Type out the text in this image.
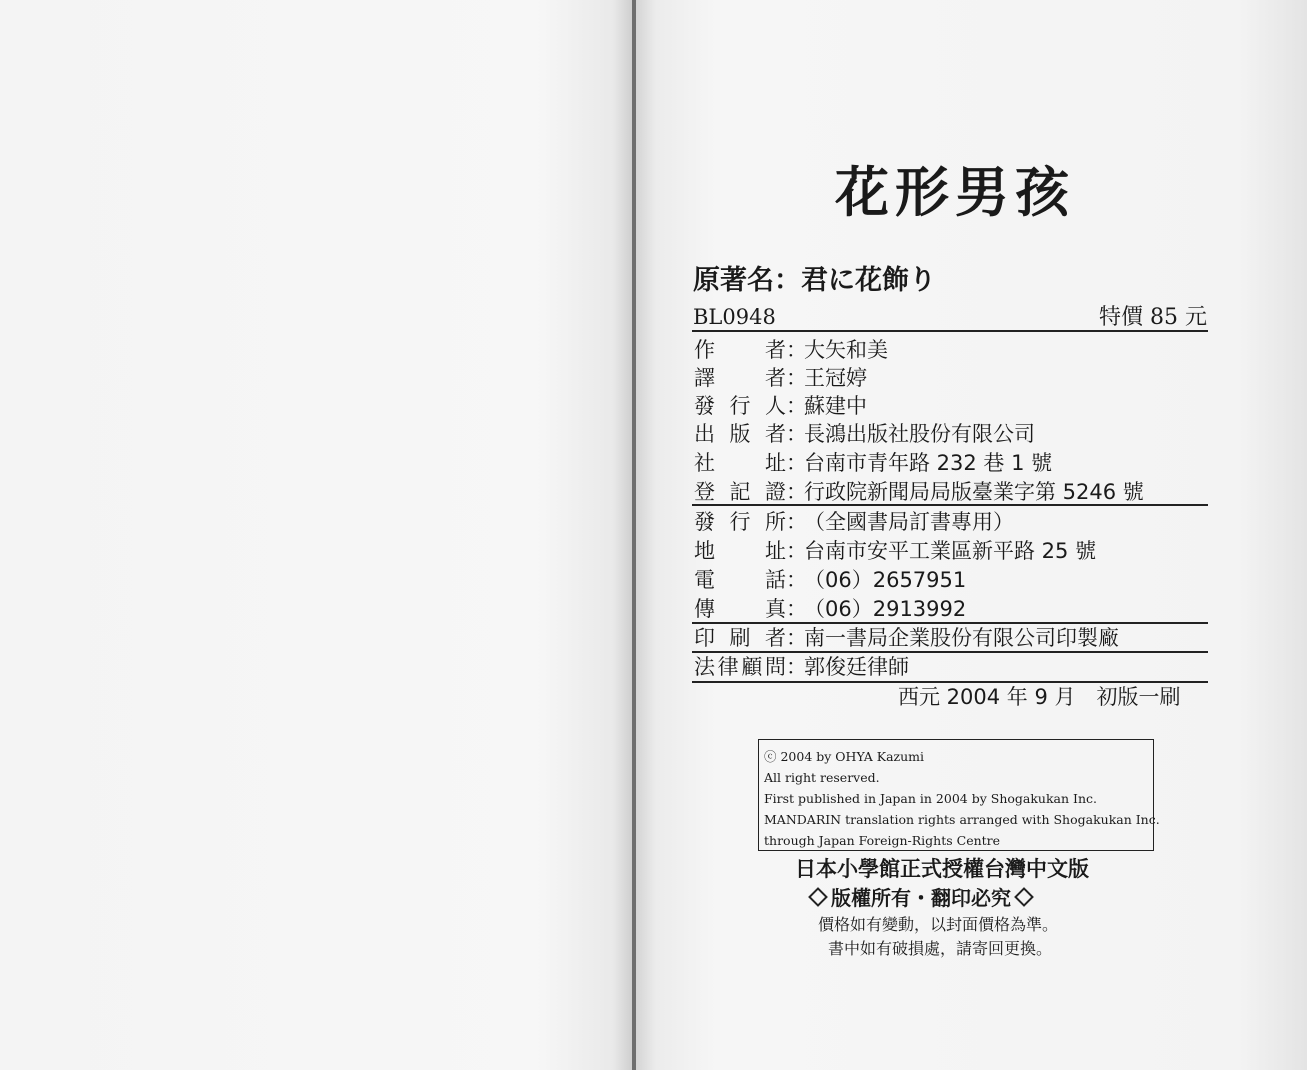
花形男孩
原著名：君に花飾り
BL0948	特價 85 元
作者：大矢和美
譯者：王冠婷
發行人：蘇建中
出版者：長鴻出版社股份有限公司
社址：台南市青年路 232 巷 1 號
登記證：行政院新聞局局版臺業字第 5246 號
發行所：（全國書局訂書專用）
地址：台南市安平工業區新平路 25 號
電話：（06）2657951
傳真：（06）2913992
印刷者：南一書局企業股份有限公司印製廠
法律顧問：郭俊廷律師
西元 2004 年 9 月　初版一刷
ⓒ 2004 by OHYA Kazumi
All right reserved.
First published in Japan in 2004 by Shogakukan Inc.
MANDARIN translation rights arranged with Shogakukan Inc.
through Japan Foreign-Rights Centre
日本小學館正式授權台灣中文版
版權所有・翻印必究
價格如有變動，以封面價格為準。
書中如有破損處，請寄回更換。
